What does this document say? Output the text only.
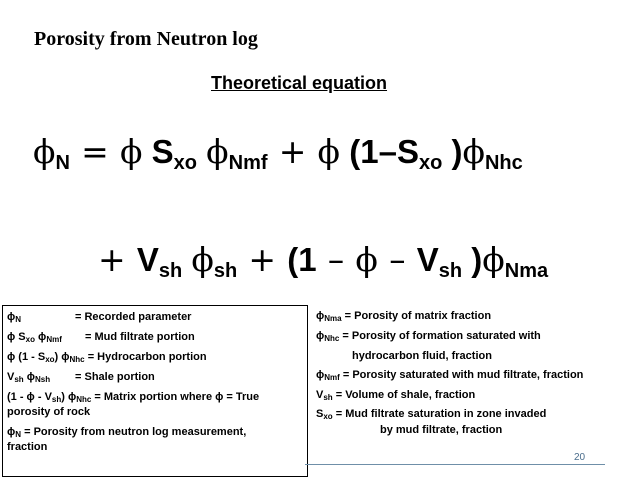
Porosity from Neutron log
Theoretical equation
$\phi_N = \phi$ $S_{xo}$ $\phi_{Nmf} + \phi$ ($1-S_{xo}$ )$\phi_{Nhc}$
+ $V_{sh}$ $\phi_{sh} + (1 - \phi - V_{sh}$ )$\phi_{Nma}$
ϕN	= Recorded parameter
ϕ Sxo ϕNmf = Mud filtrate portion
ϕ (1 - Sxo) ϕNhc = Hydrocarbon portion
Vsh ϕNsh = Shale portion
(1 - ϕ - Vsh) ϕNhc = Matrix portion where ϕ = True
porosity of rock
ϕN = Porosity from neutron log measurement,
fraction
ϕNma = Porosity of matrix fraction
ϕNhc = Porosity of formation saturated with
hydrocarbon fluid, fraction
ϕNmf = Porosity saturated with mud filtrate, fraction
Vsh = Volume of shale, fraction
Sxo = Mud filtrate saturation in zone invaded
by mud filtrate, fraction
20
